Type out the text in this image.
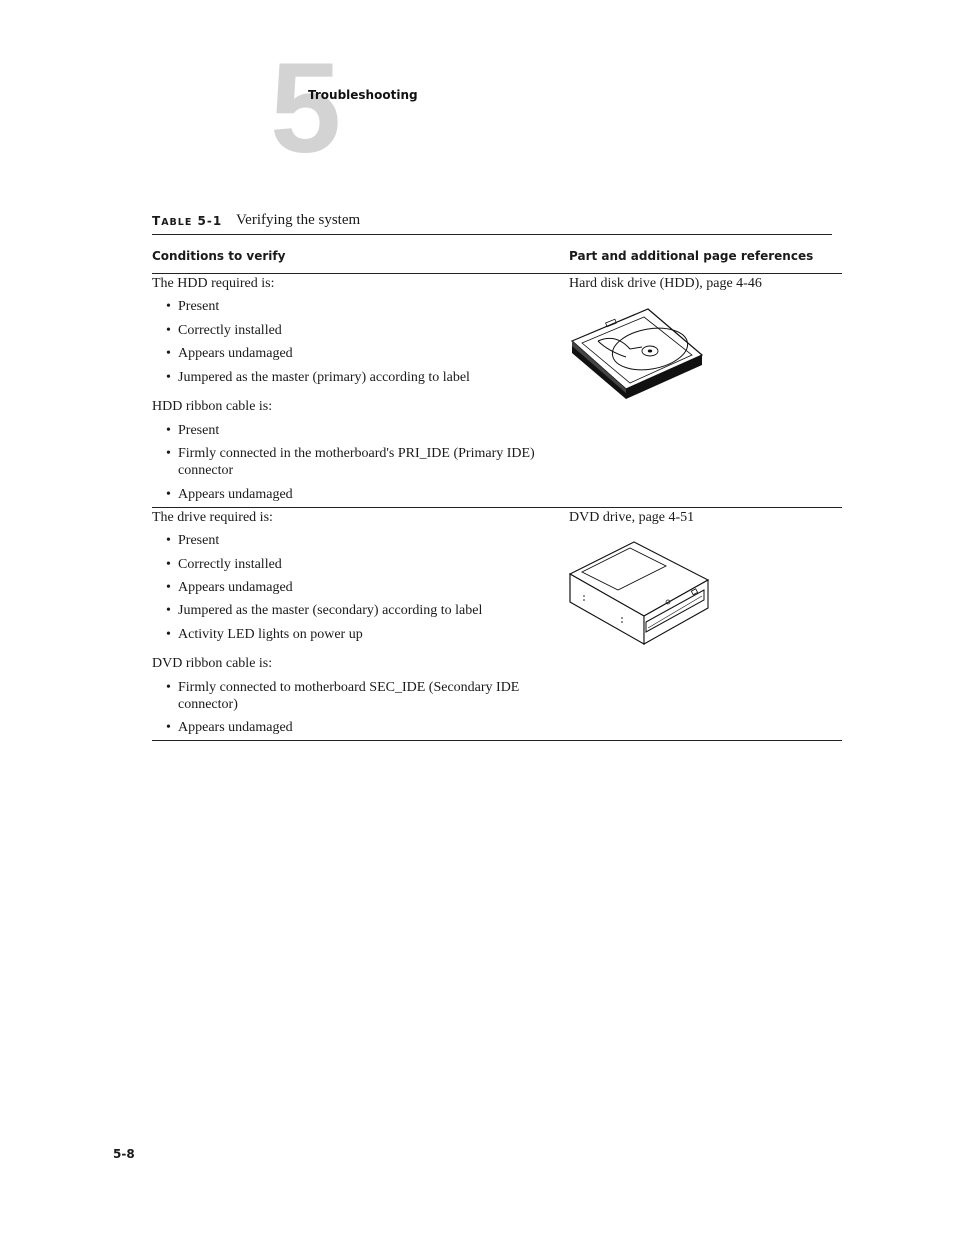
5
Troubleshooting
TABLE 5-1 Verifying the system
Conditions to verify	Part and additional page references
The HDD required is:
• Present
• Correctly installed
• Appears undamaged
• Jumpered as the master (primary) according to label
HDD ribbon cable is:
• Present
• Firmly connected in the motherboard's PRI_IDE (Primary IDE)
connector
• Appears undamaged
Hard disk drive (HDD), page 4-46
The drive required is:
• Present
• Correctly installed
• Appears undamaged
• Jumpered as the master (secondary) according to label
• Activity LED lights on power up
DVD ribbon cable is:
• Firmly connected to motherboard SEC_IDE (Secondary IDE
connector)
• Appears undamaged
DVD drive, page 4-51
5-8
